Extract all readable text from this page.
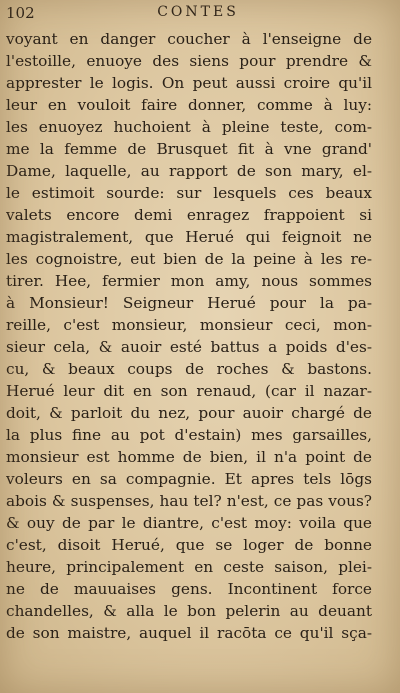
102	CONTES
voyant en danger coucher à l'enseigne de
l'estoille, enuoye des siens pour prendre &
apprester le logis. On peut aussi croire qu'il
leur en vouloit faire donner, comme à luy:
les enuoyez huchoient à pleine teste, com-
me la femme de Brusquet fit à vne grand'
Dame, laquelle, au rapport de son mary, el-
le estimoit sourde: sur lesquels ces beaux
valets encore demi enragez frappoient si
magistralement, que Herué qui feignoit ne
les cognoistre, eut bien de la peine à les re-
tirer. Hee, fermier mon amy, nous sommes
à Monsieur! Seigneur Herué pour la pa-
reille, c'est monsieur, monsieur ceci, mon-
sieur cela, & auoir esté battus a poids d'es-
cu, & beaux coups de roches & bastons.
Herué leur dit en son renaud, (car il nazar-
doit, & parloit du nez, pour auoir chargé de
la plus fine au pot d'estain) mes garsailles,
monsieur est homme de bien, il n'a point de
voleurs en sa compagnie. Et apres tels lōgs
abois & suspenses, hau tel? n'est, ce pas vous?
& ouy de par le diantre, c'est moy: voila que
c'est, disoit Herué, que se loger de bonne
heure, principalement en ceste saison, plei-
ne de mauuaises gens. Incontinent force
chandelles, & alla le bon pelerin au deuant
de son maistre, auquel il racōta ce qu'il sça-
